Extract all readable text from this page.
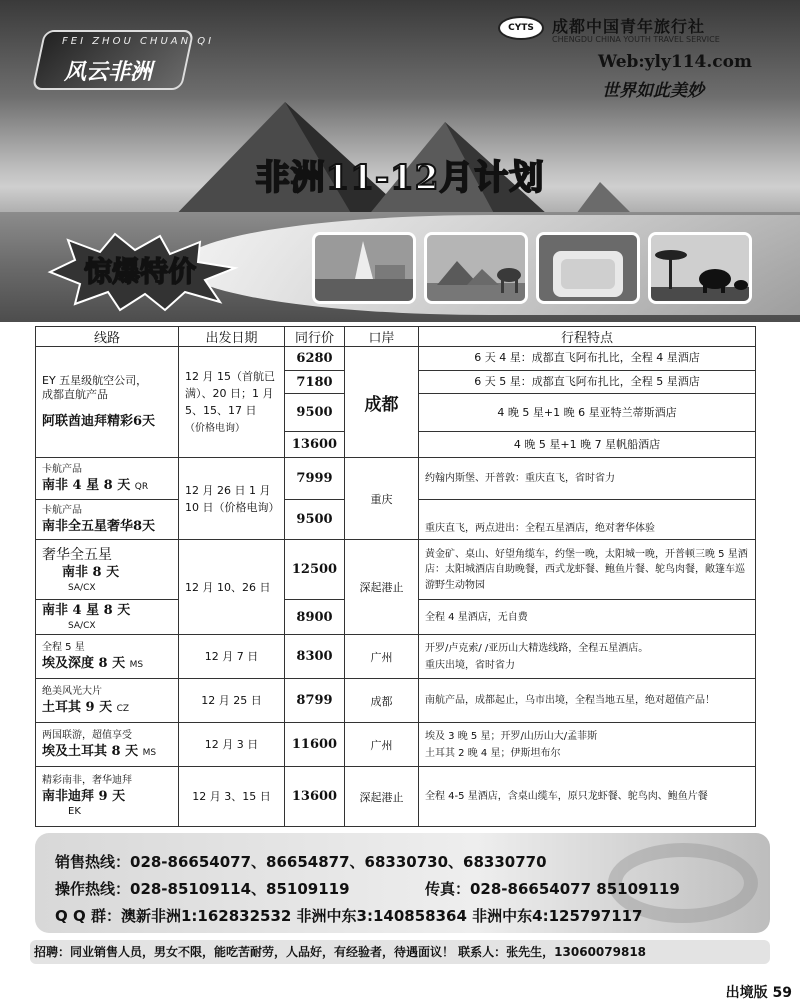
FEI ZHOU CHUAN QI
风云非洲
CYTS	成都中国青年旅行社
CHENGDU CHINA YOUTH TRAVEL SERVICE
Web:yly114.com
世界如此美妙
非洲11-12月计划
惊爆特价
线路	出发日期	同行价	口岸	行程特点

EY 五星级航空公司，
成都直航产品
阿联酋迪拜精彩6天	12 月 15（首航已满）、20 日；1 月 5、15、17 日
（价格电询）	6280	成都	6 天 4 星：成都直飞阿布扎比，全程 4 星酒店
		7180		6 天 5 星：成都直飞阿布扎比，全程 5 星酒店
		9500		4 晚 5 星+1 晚 6 星亚特兰蒂斯酒店
		13600		4 晚 5 星+1 晚 7 星帆船酒店

卡航产品
南非 4 星 8 天 QR	12 月 26 日 1 月 10 日（价格电询）	7999	重庆	约翰内斯堡、开普敦：重庆直飞，省时省力

卡航产品
南非全五星奢华8天		9500		重庆直飞，两点进出：全程五星酒店，绝对奢华体验

奢华全五星
南非 8 天
SA/CX	12 月 10、26 日	12500	深起港止	黄金矿、桌山、好望角缆车，约堡一晚，太阳城一晚，开普顿三晚 5 星酒店：太阳城酒店自助晚餐，西式龙虾餐、鲍鱼片餐、鸵鸟肉餐，敞篷车巡游野生动物园

南非 4 星 8 天
SA/CX		8900		全程 4 星酒店，无自费

全程 5 星
埃及深度 8 天 MS	12 月 7 日	8300	广州	开罗/卢克索/ /亚历山大精选线路，全程五星酒店。
重庆出境，省时省力

绝美风光大片
土耳其 9 天 CZ	12 月 25 日	8799	成都	南航产品，成都起止，乌市出境，全程当地五星，绝对超值产品！

两国联游，超值享受
埃及土耳其 8 天 MS	12 月 3 日	11600	广州	埃及 3 晚 5 星；开罗/山历山大/孟菲斯
土耳其 2 晚 4 星；伊斯坦布尔

精彩南非，奢华迪拜
南非迪拜 9 天
EK	12 月 3、15 日	13600	深起港止	全程 4-5 星酒店，含桌山缆车，原只龙虾餐、鸵鸟肉、鲍鱼片餐
销售热线：028-86654077、86654877、68330730、68330770
操作热线：028-85109114、85109119	传真：028-86654077 85109119
Q Q 群：澳新非洲1:162832532 非洲中东3:140858364 非洲中东4:125797117
招聘：同业销售人员，男女不限，能吃苦耐劳，人品好，有经验者，待遇面议！ 联系人：张先生，13060079818
出境版 59
